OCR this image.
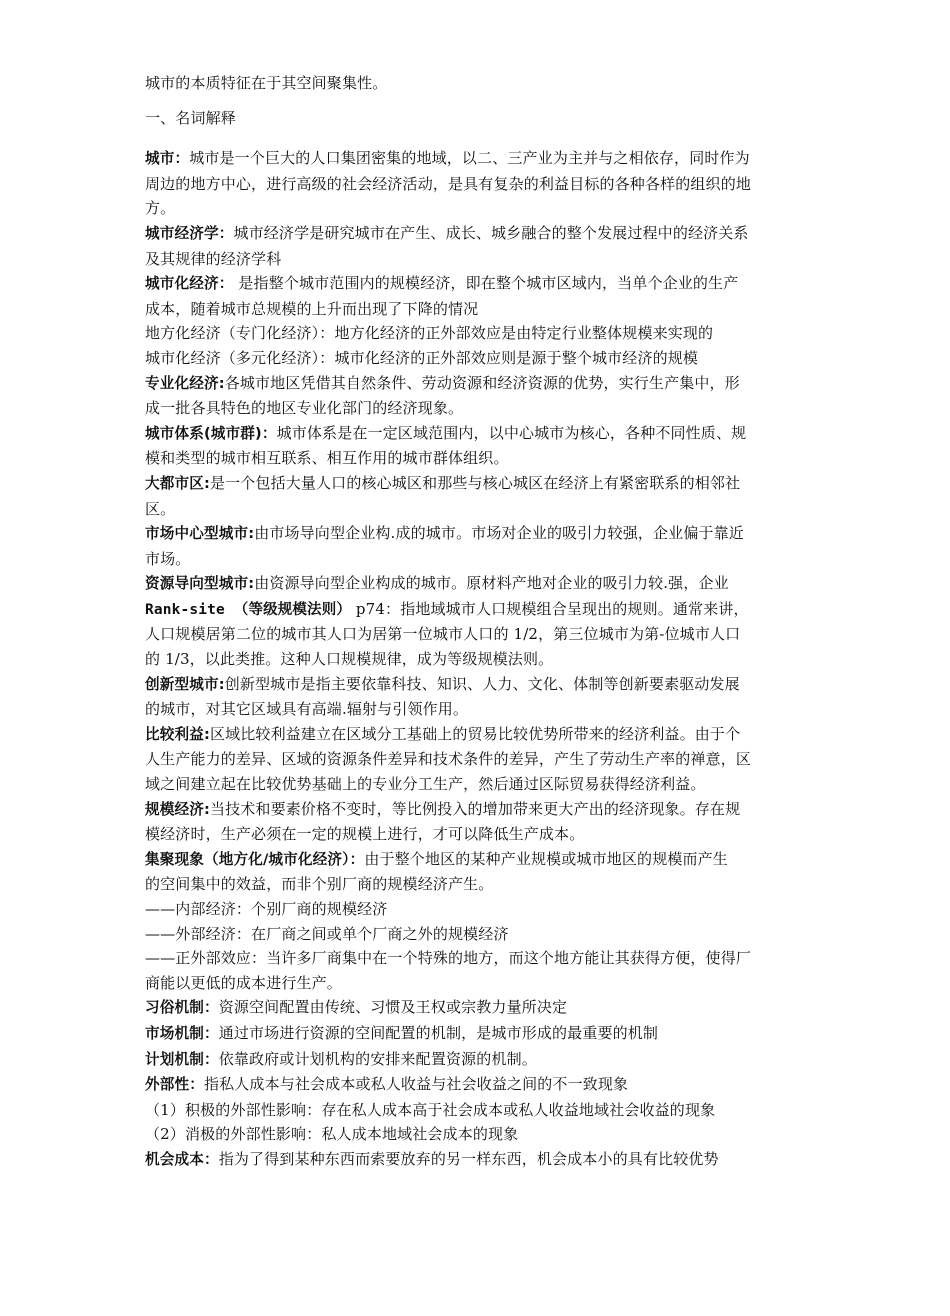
城市的本质特征在于其空间聚集性。
一、名词解释
城市：城市是一个巨大的人口集团密集的地域，以二、三产业为主并与之相依存，同时作为
周边的地方中心，进行高级的社会经济活动，是具有复杂的利益目标的各种各样的组织的地
方。
城市经济学：城市经济学是研究城市在产生、成长、城乡融合的整个发展过程中的经济关系
及其规律的经济学科
城市化经济： 是指整个城市范围内的规模经济，即在整个城市区域内，当单个企业的生产
成本，随着城市总规模的上升而出现了下降的情况
地方化经济（专门化经济）：地方化经济的正外部效应是由特定行业整体规模来实现的
城市化经济（多元化经济）：城市化经济的正外部效应则是源于整个城市经济的规模
专业化经济:各城市地区凭借其自然条件、劳动资源和经济资源的优势，实行生产集中，形
成一批各具特色的地区专业化部门的经济现象。
城市体系(城市群)：城市体系是在一定区域范围内，以中心城市为核心，各种不同性质、规
模和类型的城市相互联系、相互作用的城市群体组织。
大都市区:是一个包括大量人口的核心城区和那些与核心城区在经济上有紧密联系的相邻社
区。
市场中心型城市:由市场导向型企业构.成的城市。市场对企业的吸引力较强，企业偏于靠近
市场。
资源导向型城市:由资源导向型企业构成的城市。原材料产地对企业的吸引力较.强，企业
Rank-site （等级规模法则） p74：指地域城市人口规模组合呈现出的规则。通常来讲，
人口规模居第二位的城市其人口为居第一位城市人口的 1/2，第三位城市为第-位城市人口
的 1/3，以此类推。这种人口规模规律，成为等级规模法则。
创新型城市:创新型城市是指主要依靠科技、知识、人力、文化、体制等创新要素驱动发展
的城市，对其它区域具有高端.辐射与引领作用。
比较利益:区域比较利益建立在区域分工基础上的贸易比较优势所带来的经济利益。由于个
人生产能力的差异、区域的资源条件差异和技术条件的差异，产生了劳动生产率的禅意，区
域之间建立起在比较优势基础上的专业分工生产，然后通过区际贸易获得经济利益。
规模经济:当技术和要素价格不变时，等比例投入的增加带来更大产出的经济现象。存在规
模经济时，生产必须在一定的规模上进行，才可以降低生产成本。
集聚现象（地方化/城市化经济）：由于整个地区的某种产业规模或城市地区的规模而产生
的空间集中的效益，而非个别厂商的规模经济产生。
——内部经济：个别厂商的规模经济
——外部经济：在厂商之间或单个厂商之外的规模经济
——正外部效应：当许多厂商集中在一个特殊的地方，而这个地方能让其获得方便，使得厂
商能以更低的成本进行生产。
习俗机制：资源空间配置由传统、习惯及王权或宗教力量所决定
市场机制：通过市场进行资源的空间配置的机制，是城市形成的最重要的机制
计划机制：依靠政府或计划机构的安排来配置资源的机制。
外部性：指私人成本与社会成本或私人收益与社会收益之间的不一致现象
（1）积极的外部性影响：存在私人成本高于社会成本或私人收益地域社会收益的现象
（2）消极的外部性影响：私人成本地域社会成本的现象
机会成本：指为了得到某种东西而索要放弃的另一样东西，机会成本小的具有比较优势
